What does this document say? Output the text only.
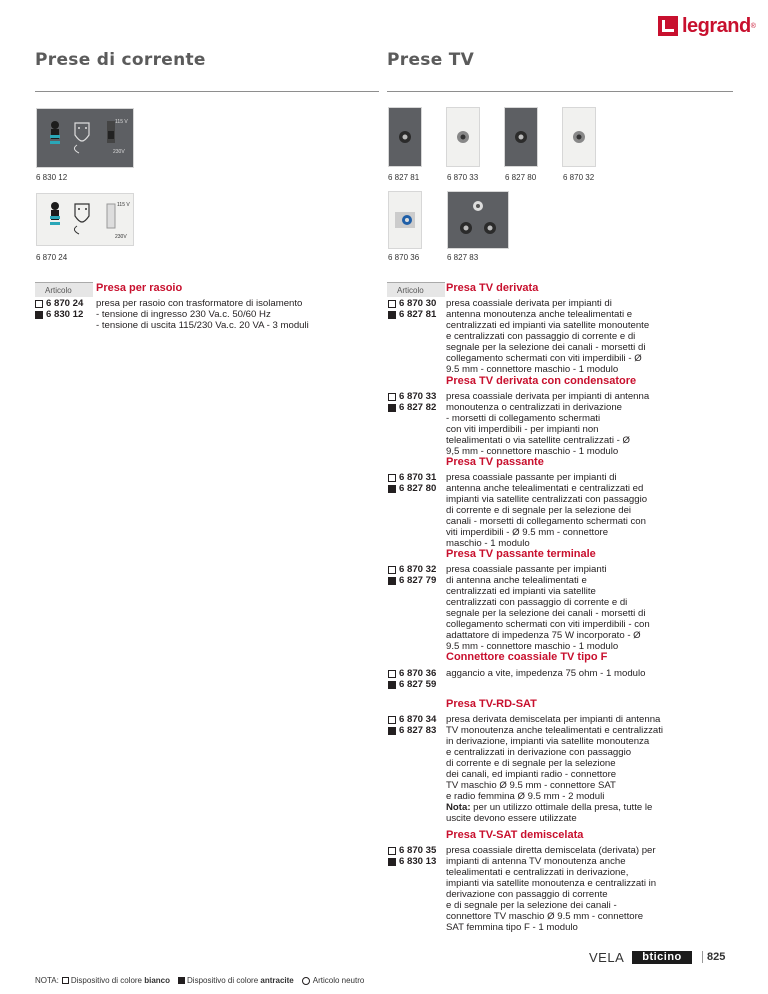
legrand ®
Prese di corrente	Prese TV
115 V
230V
6 830 12
115 V
230V
6 870 24
6 827 81	6 870 33	6 827 80	6 870 32
6 870 36	6 827 83
Articolo	Articolo
Presa per rasoio
6 870 24
6 830 12
presa per rasoio con trasformatore di isolamento
- tensione di ingresso 230 Va.c. 50/60 Hz
- tensione di uscita 115/230 Va.c. 20 VA - 3 moduli
Presa TV derivata
6 870 30
6 827 81
presa coassiale derivata per impianti di
antenna monoutenza anche telealimentati e
centralizzati ed impianti via satellite monoutente
e centralizzati con passaggio di corrente e di
segnale per la selezione dei canali - morsetti di
collegamento schermati con viti imperdibili - Ø
9.5 mm - connettore maschio - 1 modulo
Presa TV derivata con condensatore
6 870 33
6 827 82
presa coassiale derivata per impianti di antenna
monoutenza o centralizzati in derivazione
- morsetti di collegamento schermati
con viti imperdibili - per impianti non
telealimentati o via satellite centralizzati - Ø
9,5 mm - connettore maschio - 1 modulo
Presa TV passante
6 870 31
6 827 80
presa coassiale passante per impianti di
antenna anche telealimentati e centralizzati ed
impianti via satellite centralizzati con passaggio
di corrente e di segnale per la selezione dei
canali - morsetti di collegamento schermati con
viti imperdibili - Ø 9.5 mm - connettore
maschio - 1 modulo
Presa TV passante terminale
6 870 32
6 827 79
presa coassiale passante per impianti
di antenna anche telealimentati e
centralizzati ed impianti via satellite
centralizzati con passaggio di corrente e di
segnale per la selezione dei canali - morsetti di
collegamento schermati con viti imperdibili - con
adattatore di impedenza 75 W incorporato - Ø
9.5 mm - connettore maschio - 1 modulo
Connettore coassiale TV tipo F
6 870 36
6 827 59
aggancio a vite, impedenza 75 ohm - 1 modulo
Presa TV-RD-SAT
6 870 34
6 827 83
presa derivata demiscelata per impianti di antenna
TV monoutenza anche telealimentati e centralizzati
in derivazione, impianti via satellite monoutenza
e centralizzati in derivazione con passaggio
di corrente e di segnale per la selezione
dei canali, ed impianti radio - connettore
TV maschio Ø 9.5 mm - connettore SAT
e radio femmina Ø 9.5 mm - 2 moduli
Nota: per un utilizzo ottimale della presa, tutte le
uscite devono essere utilizzate
Presa TV-SAT demiscelata
6 870 35
6 830 13
presa coassiale diretta demiscelata (derivata) per
impianti di antenna TV monoutenza anche
telealimentati e centralizzati in derivazione,
impianti via satellite monoutenza e centralizzati in
derivazione con passaggio di corrente
e di segnale per la selezione dei canali -
connettore TV maschio Ø 9.5 mm - connettore
SAT femmina tipo F - 1 modulo
VELA	bticino	825
NOTA: Dispositivo di colore bianco Dispositivo di colore antracite Articolo neutro
